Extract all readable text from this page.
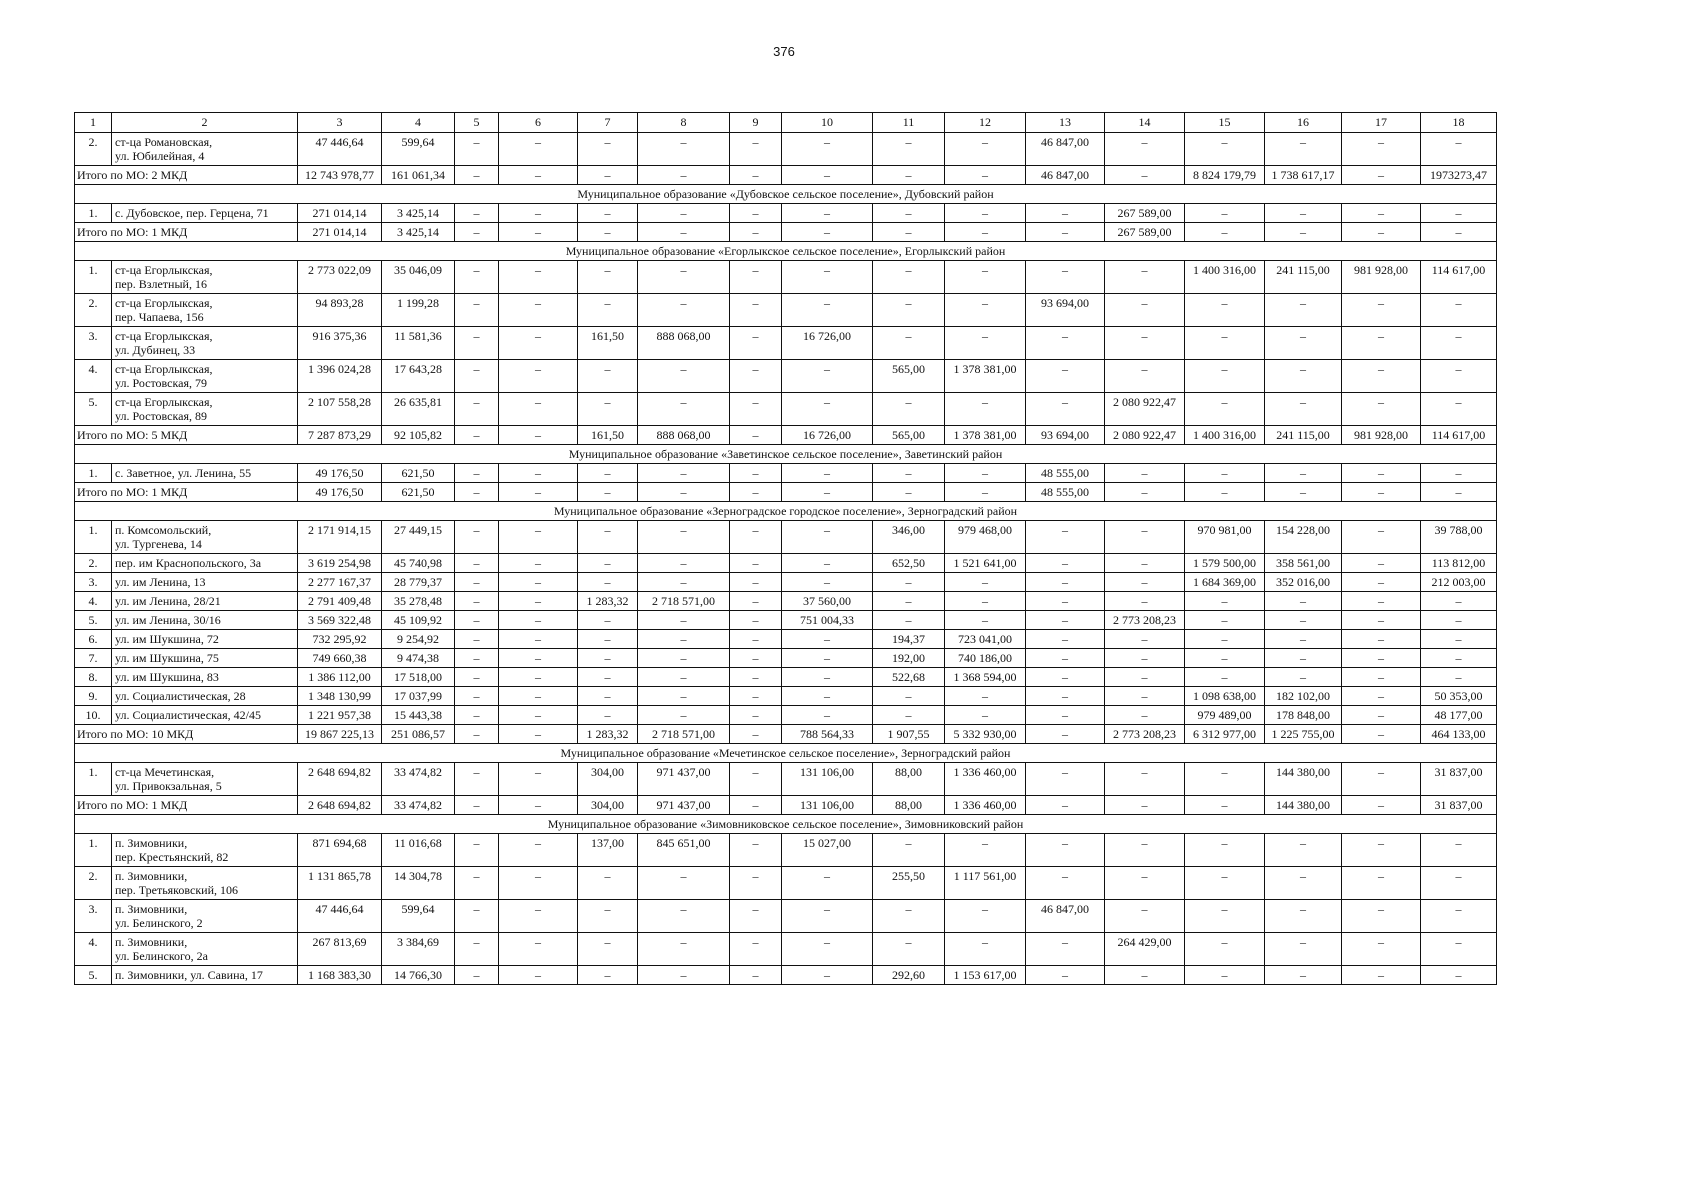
376
1	2	3	4	5	6	7	8	9	10	11	12	13	14	15	16	17	18
2.	ст-ца Романовская,
ул. Юбилейная, 4	47 446,64	599,64	–	–	–	–	–	–	–	–	46 847,00	–	–	–	–	–
Итого по МО: 2 МКД		12 743 978,77	161 061,34	–	–	–	–	–	–	–	–	46 847,00	–	8 824 179,79	1 738 617,17	–	1973273,47
Муниципальное образование «Дубовское сельское поселение», Дубовский район																	
1.	с. Дубовское, пер. Герцена, 71	271 014,14	3 425,14	–	–	–	–	–	–	–	–	–	267 589,00	–	–	–	–
Итого по МО: 1 МКД		271 014,14	3 425,14	–	–	–	–	–	–	–	–	–	267 589,00	–	–	–	–
Муниципальное образование «Егорлыкское сельское поселение», Егорлыкский район																	
1.	ст-ца Егорлыкская,
пер. Взлетный, 16	2 773 022,09	35 046,09	–	–	–	–	–	–	–	–	–	–	1 400 316,00	241 115,00	981 928,00	114 617,00
2.	ст-ца Егорлыкская,
пер. Чапаева, 156	94 893,28	1 199,28	–	–	–	–	–	–	–	–	93 694,00	–	–	–	–	–
3.	ст-ца Егорлыкская,
ул. Дубинец, 33	916 375,36	11 581,36	–	–	161,50	888 068,00	–	16 726,00	–	–	–	–	–	–	–	–
4.	ст-ца Егорлыкская,
ул. Ростовская, 79	1 396 024,28	17 643,28	–	–	–	–	–	–	565,00	1 378 381,00	–	–	–	–	–	–
5.	ст-ца Егорлыкская,
ул. Ростовская, 89	2 107 558,28	26 635,81	–	–	–	–	–	–	–	–	–	2 080 922,47	–	–	–	–
Итого по МО: 5 МКД		7 287 873,29	92 105,82	–	–	161,50	888 068,00	–	16 726,00	565,00	1 378 381,00	93 694,00	2 080 922,47	1 400 316,00	241 115,00	981 928,00	114 617,00
Муниципальное образование «Заветинское сельское поселение», Заветинский район																	
1.	с. Заветное, ул. Ленина, 55	49 176,50	621,50	–	–	–	–	–	–	–	–	48 555,00	–	–	–	–	–
Итого по МО: 1 МКД		49 176,50	621,50	–	–	–	–	–	–	–	–	48 555,00	–	–	–	–	–
Муниципальное образование «Зерноградское городское поселение», Зерноградский район																	
1.	п. Комсомольский,
ул. Тургенева, 14	2 171 914,15	27 449,15	–	–	–	–	–	–	346,00	979 468,00	–	–	970 981,00	154 228,00	–	39 788,00
2.	пер. им Краснопольского, 3а	3 619 254,98	45 740,98	–	–	–	–	–	–	652,50	1 521 641,00	–	–	1 579 500,00	358 561,00	–	113 812,00
3.	ул. им Ленина, 13	2 277 167,37	28 779,37	–	–	–	–	–	–	–	–	–	–	1 684 369,00	352 016,00	–	212 003,00
4.	ул. им Ленина, 28/21	2 791 409,48	35 278,48	–	–	1 283,32	2 718 571,00	–	37 560,00	–	–	–	–	–	–	–	–
5.	ул. им Ленина, 30/16	3 569 322,48	45 109,92	–	–	–	–	–	751 004,33	–	–	–	2 773 208,23	–	–	–	–
6.	ул. им Шукшина, 72	732 295,92	9 254,92	–	–	–	–	–	–	194,37	723 041,00	–	–	–	–	–	–
7.	ул. им Шукшина, 75	749 660,38	9 474,38	–	–	–	–	–	–	192,00	740 186,00	–	–	–	–	–	–
8.	ул. им Шукшина, 83	1 386 112,00	17 518,00	–	–	–	–	–	–	522,68	1 368 594,00	–	–	–	–	–	–
9.	ул. Социалистическая, 28	1 348 130,99	17 037,99	–	–	–	–	–	–	–	–	–	–	1 098 638,00	182 102,00	–	50 353,00
10.	ул. Социалистическая, 42/45	1 221 957,38	15 443,38	–	–	–	–	–	–	–	–	–	–	979 489,00	178 848,00	–	48 177,00
Итого по МО: 10 МКД		19 867 225,13	251 086,57	–	–	1 283,32	2 718 571,00	–	788 564,33	1 907,55	5 332 930,00	–	2 773 208,23	6 312 977,00	1 225 755,00	–	464 133,00
Муниципальное образование «Мечетинское сельское поселение», Зерноградский район																	
1.	ст-ца Мечетинская,
ул. Привокзальная, 5	2 648 694,82	33 474,82	–	–	304,00	971 437,00	–	131 106,00	88,00	1 336 460,00	–	–	–	144 380,00	–	31 837,00
Итого по МО: 1 МКД		2 648 694,82	33 474,82	–	–	304,00	971 437,00	–	131 106,00	88,00	1 336 460,00	–	–	–	144 380,00	–	31 837,00
Муниципальное образование «Зимовниковское сельское поселение», Зимовниковский район																	
1.	п. Зимовники,
пер. Крестьянский, 82	871 694,68	11 016,68	–	–	137,00	845 651,00	–	15 027,00	–	–	–	–	–	–	–	–
2.	п. Зимовники,
пер. Третьяковский, 106	1 131 865,78	14 304,78	–	–	–	–	–	–	255,50	1 117 561,00	–	–	–	–	–	–
3.	п. Зимовники,
ул. Белинского, 2	47 446,64	599,64	–	–	–	–	–	–	–	–	46 847,00	–	–	–	–	–
4.	п. Зимовники,
ул. Белинского, 2а	267 813,69	3 384,69	–	–	–	–	–	–	–	–	–	264 429,00	–	–	–	–
5.	п. Зимовники, ул. Савина, 17	1 168 383,30	14 766,30	–	–	–	–	–	–	292,60	1 153 617,00	–	–	–	–	–	–
